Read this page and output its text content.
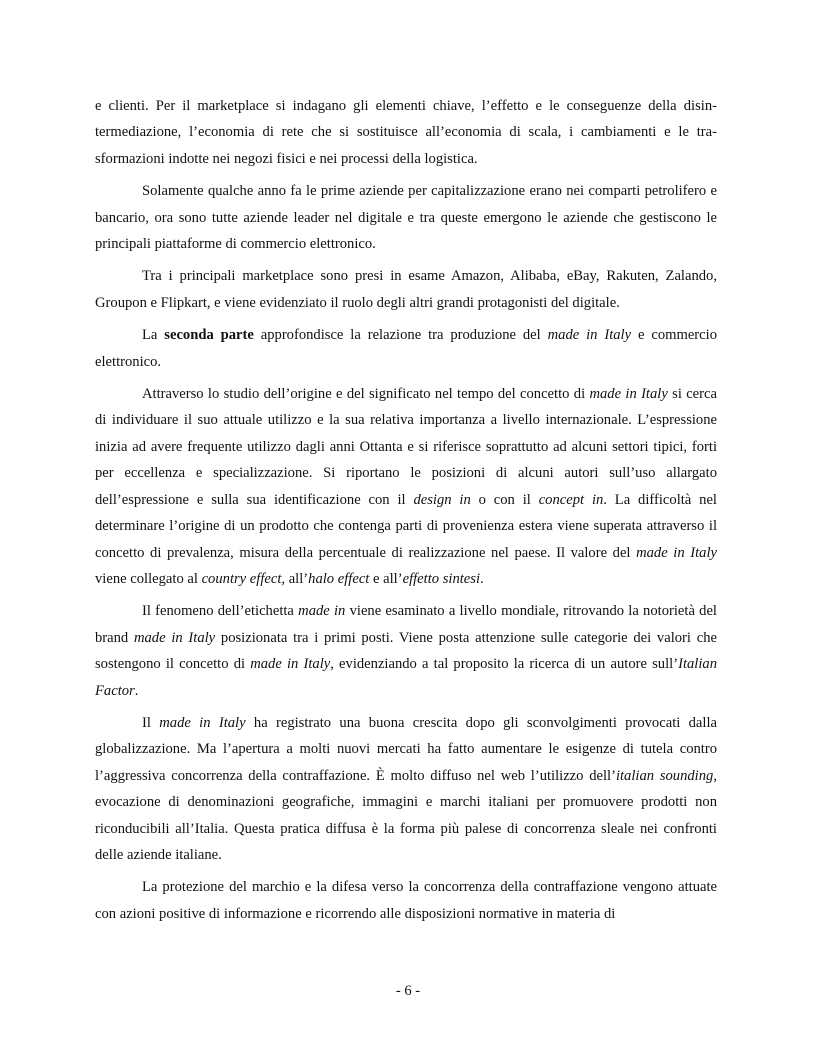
e clienti. Per il marketplace si indagano gli elementi chiave, l’effetto e le conseguenze della disintermediazione, l’economia di rete che si sostituisce all’economia di scala, i cambiamenti e le trasformazioni indotte nei negozi fisici e nei processi della logistica.

Solamente qualche anno fa le prime aziende per capitalizzazione erano nei comparti petrolifero e bancario, ora sono tutte aziende leader nel digitale e tra queste emergono le aziende che gestiscono le principali piattaforme di commercio elettronico.

Tra i principali marketplace sono presi in esame Amazon, Alibaba, eBay, Rakuten, Zalando, Groupon e Flipkart, e viene evidenziato il ruolo degli altri grandi protagonisti del digitale.

La seconda parte approfondisce la relazione tra produzione del made in Italy e commercio elettronico.

Attraverso lo studio dell’origine e del significato nel tempo del concetto di made in Italy si cerca di individuare il suo attuale utilizzo e la sua relativa importanza a livello internazionale. L’espressione inizia ad avere frequente utilizzo dagli anni Ottanta e si riferisce soprattutto ad alcuni settori tipici, forti per eccellenza e specializzazione. Si riportano le posizioni di alcuni autori sull’uso allargato dell’espressione e sulla sua identificazione con il design in o con il concept in. La difficoltà nel determinare l’origine di un prodotto che contenga parti di provenienza estera viene superata attraverso il concetto di prevalenza, misura della percentuale di realizzazione nel paese. Il valore del made in Italy viene collegato al country effect, all’halo effect e all’effetto sintesi.

Il fenomeno dell’etichetta made in viene esaminato a livello mondiale, ritrovando la notorietà del brand made in Italy posizionata tra i primi posti. Viene posta attenzione sulle categorie dei valori che sostengono il concetto di made in Italy, evidenziando a tal proposito la ricerca di un autore sull’Italian Factor.

Il made in Italy ha registrato una buona crescita dopo gli sconvolgimenti provocati dalla globalizzazione. Ma l’apertura a molti nuovi mercati ha fatto aumentare le esigenze di tutela contro l’aggressiva concorrenza della contraffazione. È molto diffuso nel web l’utilizzo dell’italian sounding, evocazione di denominazioni geografiche, immagini e marchi italiani per promuovere prodotti non riconducibili all’Italia. Questa pratica diffusa è la forma più palese di concorrenza sleale nei confronti delle aziende italiane.

La protezione del marchio e la difesa verso la concorrenza della contraffazione vengono attuate con azioni positive di informazione e ricorrendo alle disposizioni normative in materia di

- 6 -
